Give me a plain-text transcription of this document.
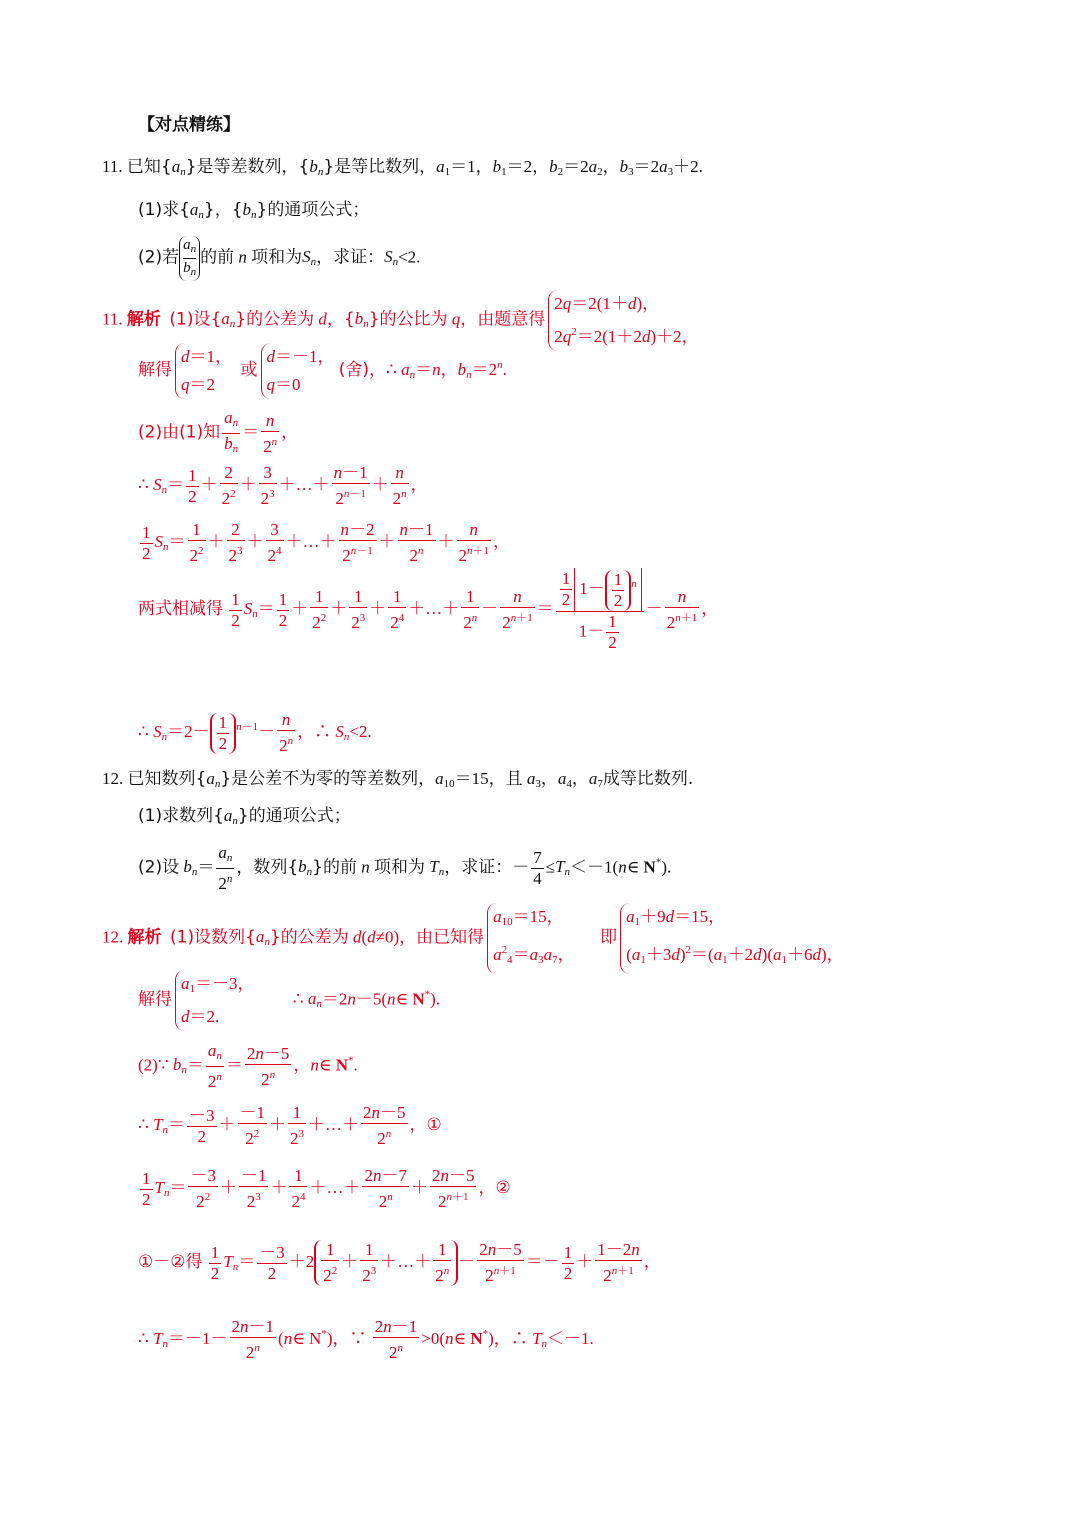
【对点精练】
11. 已知$\{a_n\}$是等差数列，$\{b_n\}$是等比数列，$a_1=1$，$b_1=2$，$b_2=2a_2$，$b_3=2a_3+2$.
(1)求$\{a_n\}$，$\{b_n\}$的通项公式；
(2)若 $\frac{a_n}{b_n}$ 的前 n 项和为$S_n$，求证：$S_n<2$.
11. 解析 (1)设$\{a_n\}$的公差为 d，$\{b_n\}$的公比为 q，由题意得
2q＝2(1＋d)，
$2q^2=2(1+2d)+2$，
解得
d＝1，
q＝2
或
d＝－1，
q＝0
(舍)，∴ $a_n=n$，$b_n=2^n$.
(2)由(1)知 $\frac{a_n}{b_n} = \frac{n}{2^n}$ ，
∴ $S_n= \frac{1}{2} + \frac{2}{2^2} + \frac{3}{2^3}$ ＋…＋ $\frac{n-1}{2^{n-1}} + \frac{n}{2^n}$ ，
$\frac{1}{2} S_n= \frac{1}{2^2} + \frac{2}{2^3} + \frac{3}{2^4}$ ＋…＋ $\frac{n-2}{2^{n-1}} + \frac{n-1}{2^n} + \frac{n}{2^{n+1}}$ ，
两式相减得 $\frac{1}{2} S_n= \frac{1}{2} + \frac{1}{2^2} + \frac{1}{2^3} + \frac{1}{2^4}$ ＋…＋ $\frac{1}{2^n} - \frac{n}{2^{n+1}} = \frac{\frac{1}{2} 1- \frac{1}{2} ^n}{1- \frac{1}{2}} - \frac{n}{2^{n+1}}$ ，
∴ $S_n=2- \frac{1}{2} ^{n-1}- \frac{n}{2^n}$ ，∴ $S_n<2$.
12. 已知数列$\{a_n\}$是公差不为零的等差数列，$a_{10}=15$，且 $a_3$，$a_4$，$a_7$成等比数列.
(1)求数列$\{a_n\}$的通项公式；
(2)设 $b_n= \frac{a_n}{2^n}$ ，数列$\{b_n\}$的前 n 项和为 $T_n$，求证：－ $\frac{7}{4}$ $\le T_n<-1(n\in$ N*).
12. 解析 (1)设数列$\{a_n\}$的公差为 d(d≠0)，由已知得
$a_{10}=15$，
$a^2_4=a_3a_7$，
即
$a_1+9d=15$，
$(a_1+3d)^2=(a_1+2d)(a_1+6d)$，
解得
$a_1=-3$，
d＝2.
∴ $a_n=2n-5(n\in$ N*).
(2)∵ $b_n= \frac{a_n}{2^n} = \frac{2n-5}{2^n}$ ，n∈ N*.
∴ $T_n= \frac{-3}{2} + \frac{-1}{2^2} + \frac{1}{2^3}$ ＋…＋ $\frac{2n-5}{2^n}$ ，①
$\frac{1}{2} T_n= \frac{-3}{2^2} + \frac{-1}{2^3} + \frac{1}{2^4}$ ＋…＋ $\frac{2n-7}{2^n} + \frac{2n-5}{2^{n+1}}$ ，②
①－②得 $\frac{1}{2} T_n= \frac{-3}{2} +2 \frac{1}{2^2} + \frac{1}{2^3}$ ＋…＋ $\frac{1}{2^n} - \frac{2n-5}{2^{n+1}} =- \frac{1}{2} + \frac{1-2n}{2^{n+1}}$ ，
∴ $T_n=-1- \frac{2n-1}{2^n}$ (n∈ N*)，∵ $\frac{2n-1}{2^n}$ >0(n∈ N*)，∴ $T_n<-1$.
